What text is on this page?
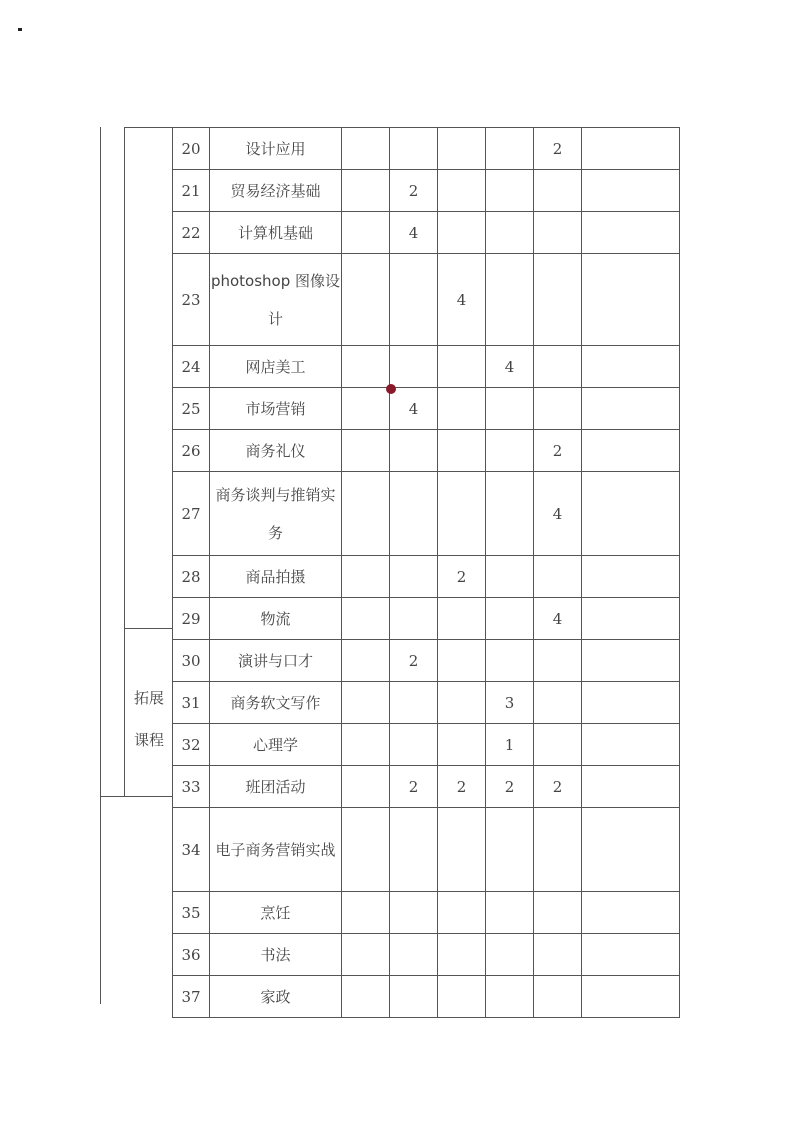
拓展
课程
20	设计应用					2	
21	贸易经济基础		2				
22	计算机基础		4				
23	photoshop 图像设计			4			
24	网店美工				4		
25	市场营销		4				
26	商务礼仪					2	
27	商务谈判与推销实务					4	
28	商品拍摄			2			
29	物流					4	
30	演讲与口才		2				
31	商务软文写作				3		
32	心理学				1		
33	班团活动		2	2	2	2	
34	电子商务营销实战						
35	烹饪						
36	书法						
37	家政						
